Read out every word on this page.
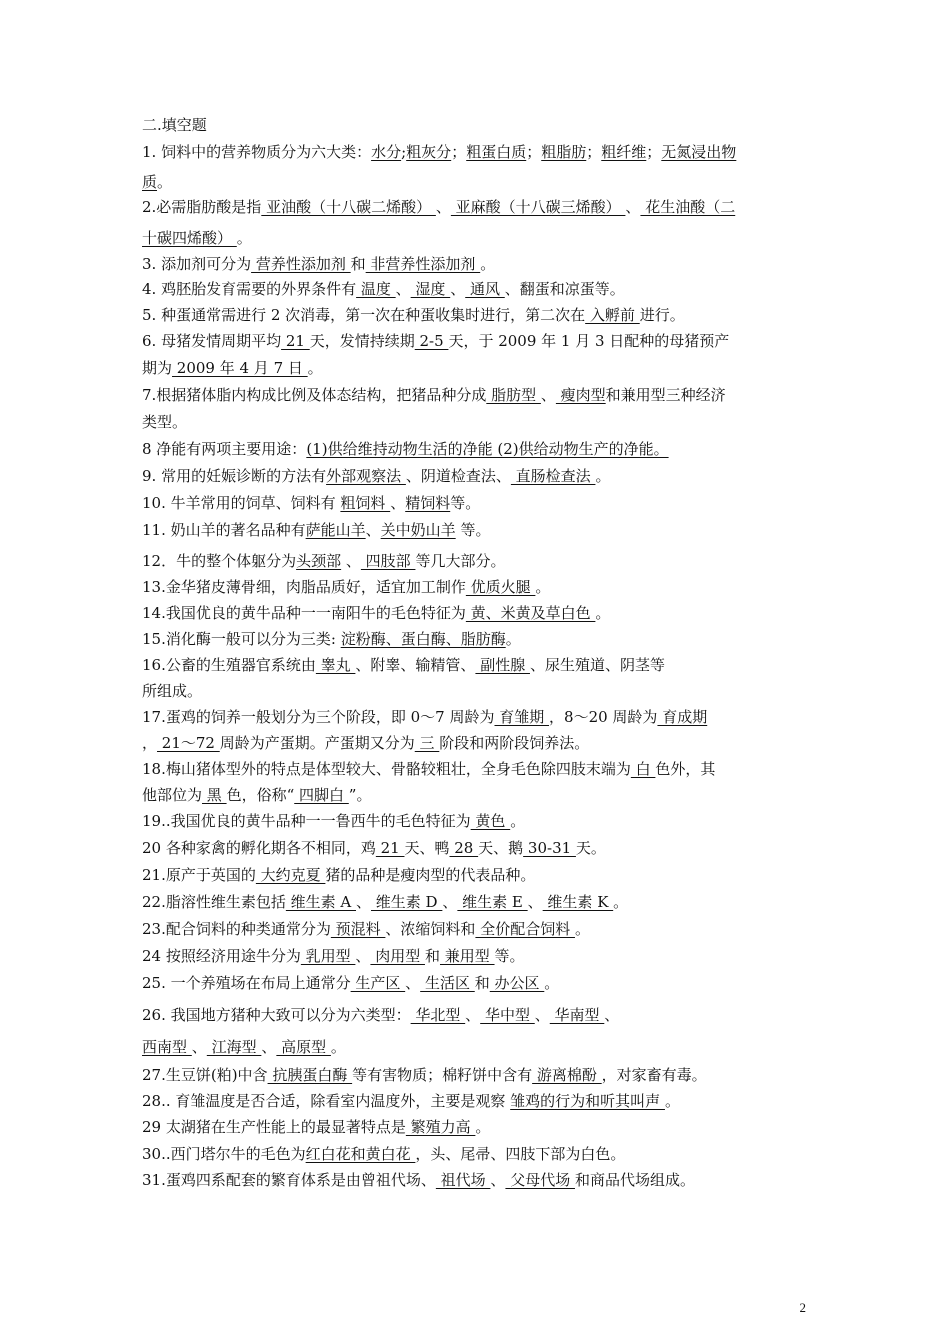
二.填空题
1. 饲料中的营养物质分为六大类：水分;粗灰分；粗蛋白质；粗脂肪；粗纤维；无氮浸出物
质。
2.必需脂肪酸是指 亚油酸（十八碳二烯酸） 、 亚麻酸（十八碳三烯酸） 、 花生油酸（二
十碳四烯酸） 。
3. 添加剂可分为 营养性添加剂 和 非营养性添加剂 。
4. 鸡胚胎发育需要的外界条件有 温度 、 湿度 、 通风 、翻蛋和凉蛋等。
5. 种蛋通常需进行 2 次消毒，第一次在种蛋收集时进行，第二次在 入孵前 进行。
6. 母猪发情周期平均 21 天，发情持续期 2-5 天，于 2009 年 1 月 3 日配种的母猪预产
期为 2009 年 4 月 7 日 。
7.根据猪体脂内构成比例及体态结构，把猪品种分成 脂肪型 、 瘦肉型和兼用型三种经济
类型。
8 净能有两项主要用途：(1)供给维持动物生活的净能 (2)供给动物生产的净能。
9. 常用的妊娠诊断的方法有外部观察法 、阴道检查法、 直肠检查法 。
10. 牛羊常用的饲草、饲料有 粗饲料 、精饲料等。
11. 奶山羊的著名品种有萨能山羊、关中奶山羊 等。
12．牛的整个体躯分为头颈部 、 四肢部 等几大部分。
13.金华猪皮薄骨细，肉脂品质好，适宜加工制作 优质火腿 。
14.我国优良的黄牛品种一一南阳牛的毛色特征为 黄、米黄及草白色 。
15.消化酶一般可以分为三类: 淀粉酶、蛋白酶、脂肪酶。
16.公畜的生殖器官系统由 睾丸 、附睾、输精管、 副性腺 、尿生殖道、阴茎等
所组成。
17.蛋鸡的饲养一般划分为三个阶段，即 0～7 周龄为 育雏期 ，8～20 周龄为 育成期
， 21～72 周龄为产蛋期。产蛋期又分为 三 阶段和两阶段饲养法。
18.梅山猪体型外的特点是体型较大、骨骼较粗壮，全身毛色除四肢末端为 白 色外，其
他部位为 黑 色，俗称“ 四脚白 ”。
19..我国优良的黄牛品种一一鲁西牛的毛色特征为 黄色 。
20 各种家禽的孵化期各不相同，鸡 21 天、鸭 28 天、鹅 30-31 天。
21.原产于英国的 大约克夏 猪的品种是瘦肉型的代表品种。
22.脂溶性维生素包括 维生素 A 、 维生素 D 、 维生素 E 、 维生素 K 。
23.配合饲料的种类通常分为 预混料 、浓缩饲料和 全价配合饲料 。
24 按照经济用途牛分为 乳用型 、 肉用型 和 兼用型 等。
25. 一个养殖场在布局上通常分 生产区 、 生活区 和 办公区 。
26. 我国地方猪种大致可以分为六类型： 华北型 、 华中型 、 华南型 、
西南型 、 江海型 、 高原型 。
27.生豆饼(粕)中含 抗胰蛋白酶 等有害物质；棉籽饼中含有 游离棉酚 ，对家畜有毒。
28.. 育雏温度是否合适，除看室内温度外，主要是观察 雏鸡的行为和听其叫声 。
29 太湖猪在生产性能上的最显著特点是 繁殖力高 。
30..西门塔尔牛的毛色为红白花和黄白花 ，头、尾帚、四肢下部为白色。
31.蛋鸡四系配套的繁育体系是由曾祖代场、 祖代场 、 父母代场 和商品代场组成。
2
